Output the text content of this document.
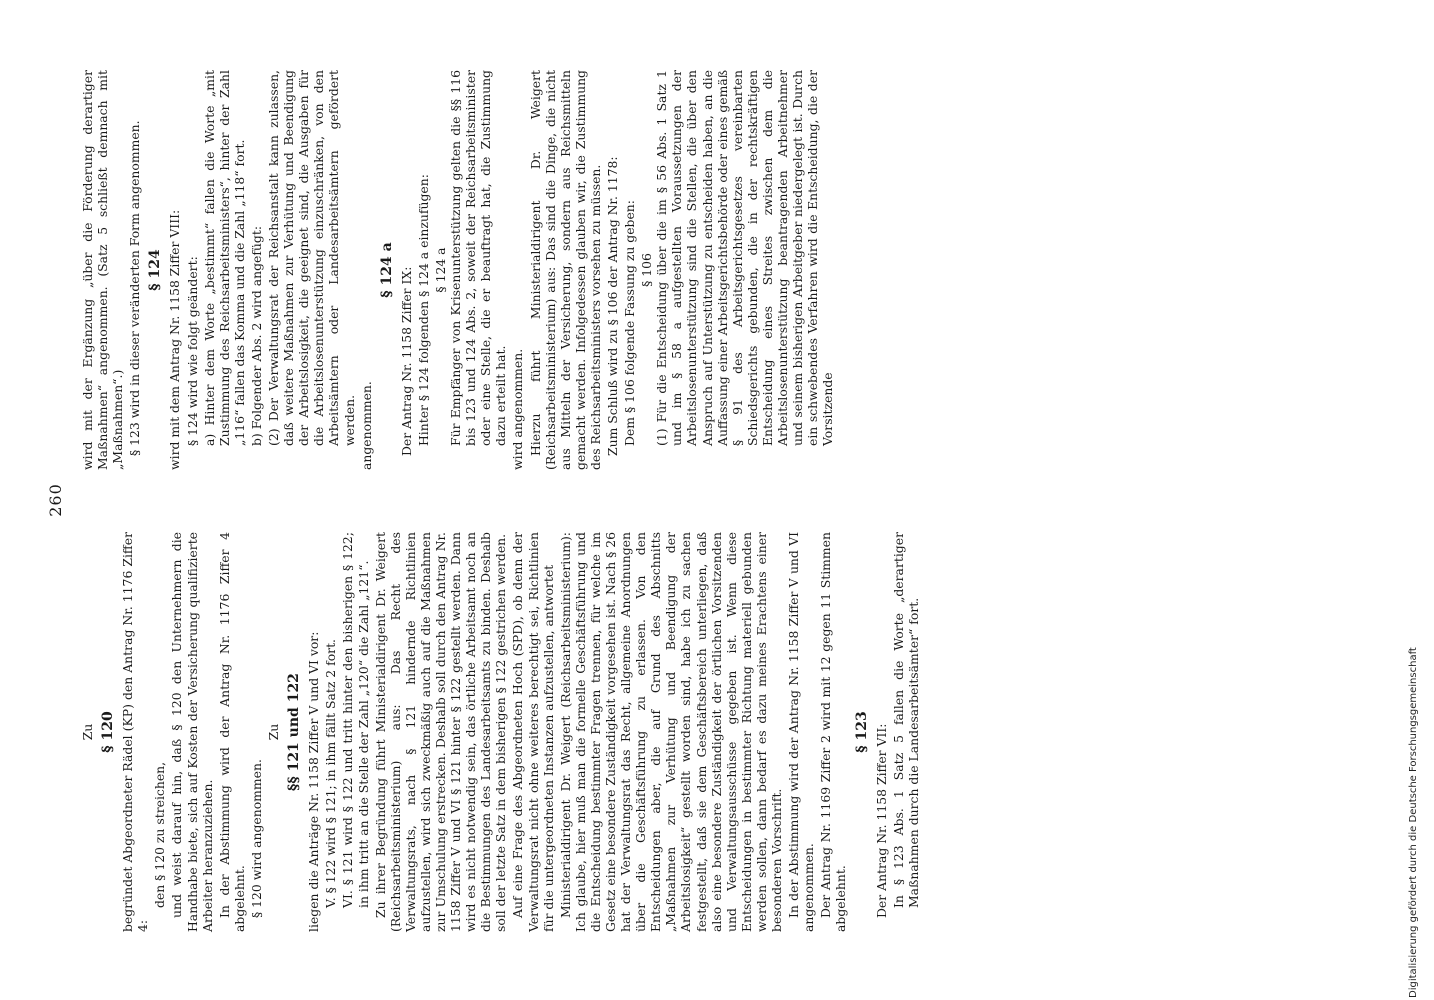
260

Zu § 120 begründet Abgeordneter Rädel (KP) den Antrag Nr. 1176 Ziffer 4:

den § 120 zu streichen, und weist darauf hin, daß § 120 den Unternehmern die Handhabe biete, sich auf Kosten der Versicherung qualifizierte Arbeiter heranzuziehen. In der Abstimmung wird der Antrag Nr. 1176 Ziffer 4 abgelehnt. § 120 wird angenommen.

Zu §§ 121 und 122 liegen die Anträge Nr. 1158 Ziffer V und VI vor: V. § 122 wird § 121; in ihm fällt Satz 2 fort. VI. § 121 wird § 122 und tritt hinter den bisherigen § 122; in ihm tritt an die Stelle der Zahl „120“ die Zahl „121“. Zu ihrer Begründung führt Ministerialdirigent Dr. Weigert (Reichsarbeitsministerium) aus: Das Recht des Verwaltungsrats, nach § 121 hindernde Richtlinien aufzustellen, wird sich zweckmäßig auch auf die Maßnahmen zur Umschulung erstrecken. Deshalb soll durch den Antrag Nr. 1158 Ziffer V und VI § 121 hinter § 122 gestellt werden. Dann wird es nicht notwendig sein, das örtliche Arbeitsamt noch an die Bestimmungen des Landesarbeitsamts zu binden. Deshalb soll der letzte Satz in dem bisherigen § 122 gestrichen werden. Auf eine Frage des Abgeordneten Hoch (SPD), ob denn der Verwaltungsrat nicht ohne weiteres berechtigt sei, Richtlinien für die untergeordneten Instanzen aufzustellen, antwortet Ministerialdirigent Dr. Weigert (Reichsarbeitsministerium): Ich glaube, hier muß man die formelle Geschäftsführung und die Entscheidung bestimmter Fragen trennen, für welche im Gesetz eine besondere Zuständigkeit vorgesehen ist. Nach § 26 hat der Verwaltungsrat das Recht, allgemeine Anordnungen über die Geschäftsführung zu erlassen. Von den Entscheidungen aber, die auf Grund des Abschnitts „Maßnahmen zur Verhütung und Beendigung der Arbeitslosigkeit“ gestellt worden sind, habe ich zu sachen festgestellt, daß sie dem Geschäftsbereich unterliegen, daß also eine besondere Zuständigkeit der örtlichen Vorsitzenden und Verwaltungsausschüsse gegeben ist. Wenn diese Entscheidungen in bestimmter Richtung materiell gebunden werden sollen, dann bedarf es dazu meines Erachtens einer besonderen Vorschrift. In der Abstimmung wird der Antrag Nr. 1158 Ziffer V und VI angenommen. Der Antrag Nr. 1169 Ziffer 2 wird mit 12 gegen 11 Stimmen abgelehnt.

§ 123 Der Antrag Nr. 1158 Ziffer VII: In § 123 Abs. 1 Satz 5 fallen die Worte „derartiger Maßnahmen durch die Landesarbeitsämter“ fort.

wird mit der Ergänzung „über die Förderung derartiger Maßnahmen“ angenommen. (Satz 5 schließt demnach mit „Maßnahmen“.) § 123 wird in dieser veränderten Form angenommen. § 124 wird mit dem Antrag Nr. 1158 Ziffer VIII: § 124 wird wie folgt geändert: a) Hinter dem Worte „bestimmt“ fallen die Worte „mit Zustimmung des Reichsarbeitsministers“, hinter der Zahl „116“ fallen das Komma und die Zahl „118“ fort. b) Folgender Abs. 2 wird angefügt: (2) Der Verwaltungsrat der Reichsanstalt kann zulassen, daß weitere Maßnahmen zur Verhütung und Beendigung der Arbeitslosigkeit, die geeignet sind, die Ausgaben für die Arbeitslosenunterstützung einzuschränken, von den Arbeitsämtern oder Landesarbeitsämtern gefördert werden. angenommen.

§ 124 a Der Antrag Nr. 1158 Ziffer IX: Hinter § 124 folgenden § 124 a einzufügen: § 124 a Für Empfänger von Krisenunterstützung gelten die §§ 116 bis 123 und 124 Abs. 2, soweit der Reichsarbeitsminister oder eine Stelle, die er beauftragt hat, die Zustimmung dazu erteilt hat. wird angenommen. Hierzu führt Ministerialdirigent Dr. Weigert (Reichsarbeitsministerium) aus: Das sind die Dinge, die nicht aus Mitteln der Versicherung, sondern aus Reichsmitteln gemacht werden. Infolgedessen glauben wir, die Zustimmung des Reichsarbeitsministers vorsehen zu müssen. Zum Schluß wird zu § 106 der Antrag Nr. 1178: Dem § 106 folgende Fassung zu geben: § 106 (1) Für die Entscheidung über die im § 56 Abs. 1 Satz 1 und im § 58 a aufgestellten Voraussetzungen der Arbeitslosenunterstützung sind die Stellen, die über den Anspruch auf Unterstützung zu entscheiden haben, an die Auffassung einer Arbeitsgerichtsbehörde oder eines gemäß § 91 des Arbeitsgerichtsgesetzes vereinbarten Schiedsgerichts gebunden, die in der rechtskräftigen Entscheidung eines Streites zwischen dem die Arbeitslosenunterstützung beantragenden Arbeitnehmer und seinem bisherigen Arbeitgeber niedergelegt ist. Durch ein schwebendes Verfahren wird die Entscheidung, die der Vorsitzende

Digitalisierung gefördert durch die Deutsche Forschungsgemeinschaft
